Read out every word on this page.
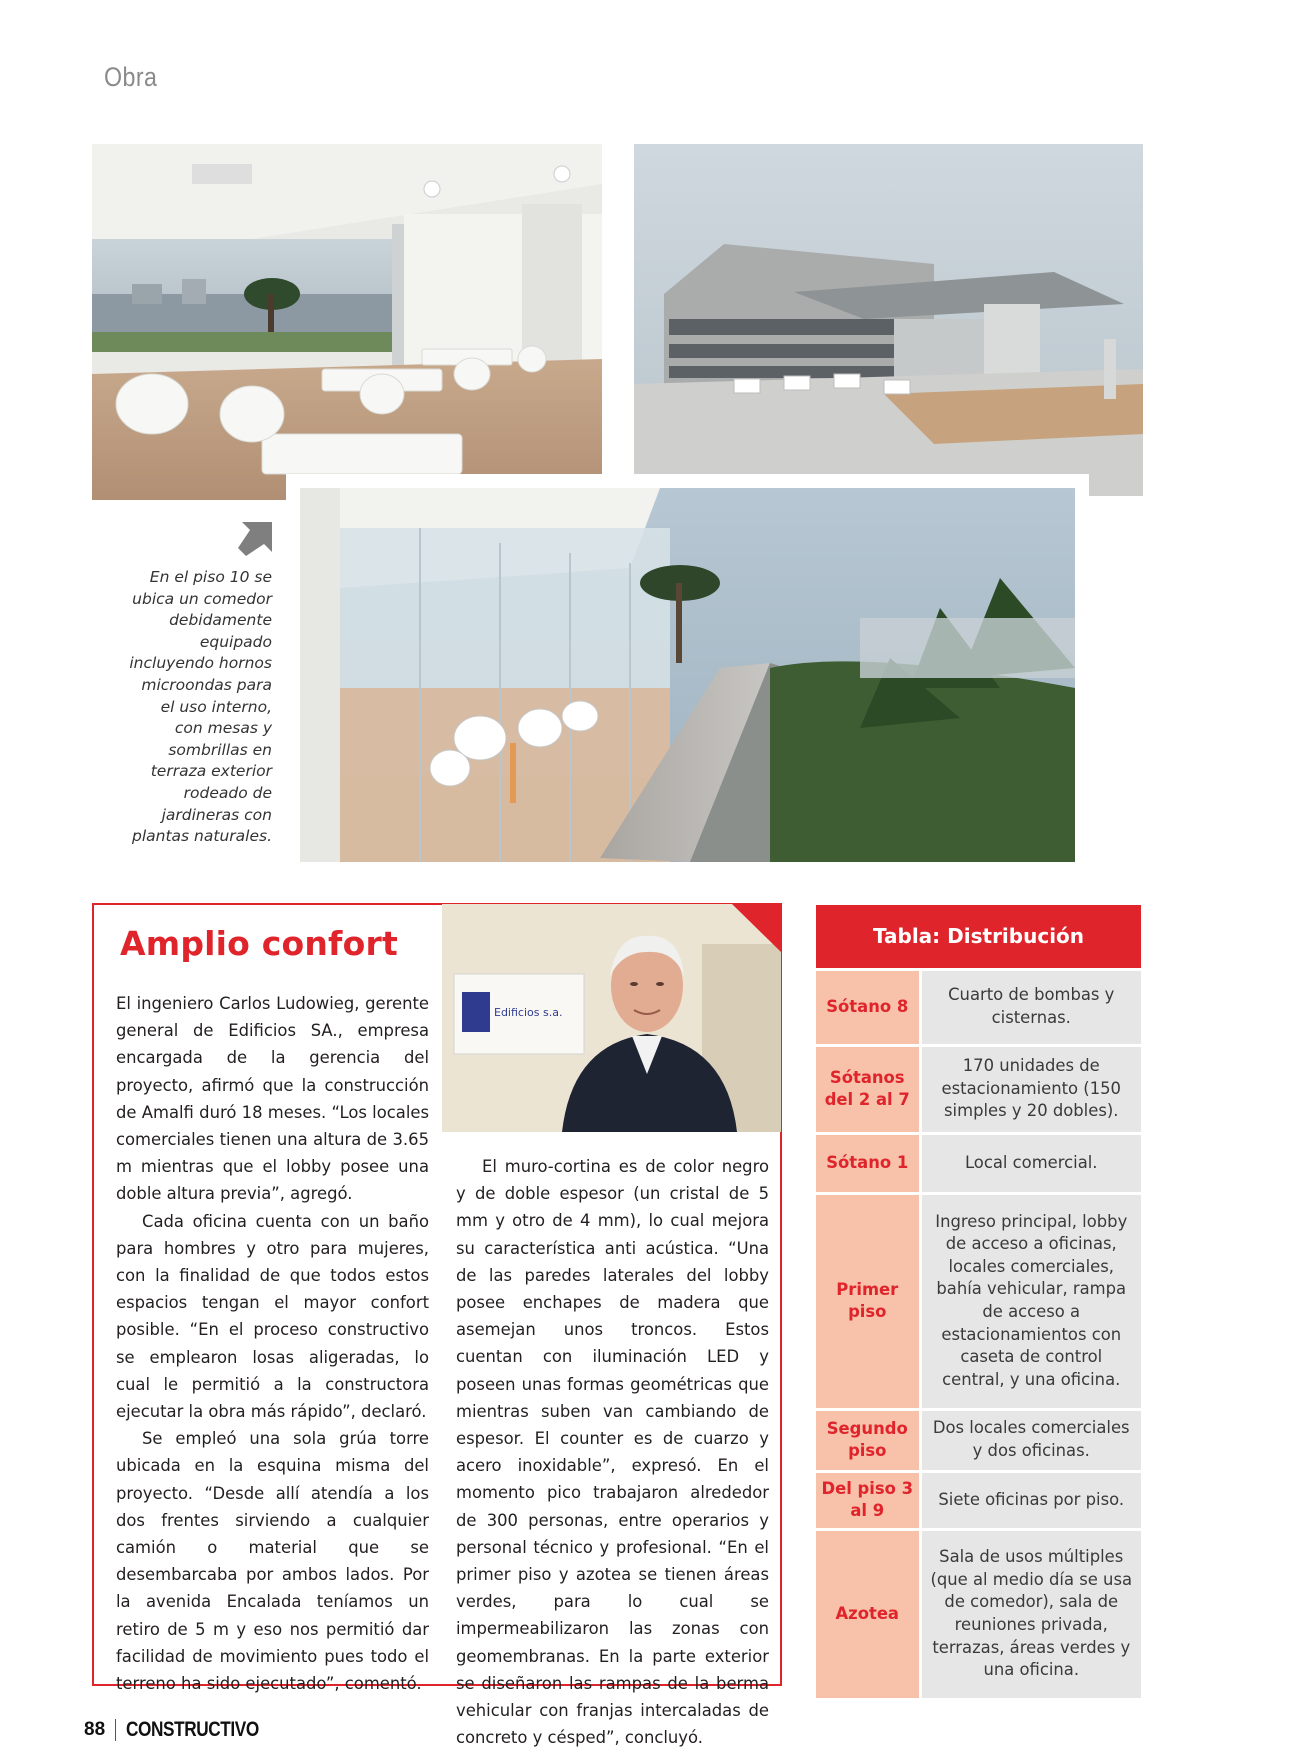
Obra
En el piso 10 se
ubica un comedor
debidamente
equipado
incluyendo hornos
microondas para
el uso interno,
con mesas y
sombrillas en
terraza exterior
rodeado de
jardineras con
plantas naturales.
Amplio confort
Edificios s.a.

El ingeniero Carlos Ludowieg, gerente general de Edificios SA., empresa encargada de la gerencia del proyecto, afirmó que la construcción de Amalfi duró 18 meses. “Los locales comerciales tienen una altura de 3.65 m mientras que el lobby posee una doble altura previa”, agregó.

Cada oficina cuenta con un baño para hombres y otro para mujeres, con la finalidad de que todos estos espacios tengan el mayor confort posible. “En el proceso constructivo se emplearon losas aligeradas, lo cual le permitió a la constructora ejecutar la obra más rápido”, declaró.

Se empleó una sola grúa torre ubicada en la esquina misma del proyecto. “Desde allí atendía a los dos frentes sirviendo a cualquier camión o material que se desembarcaba por ambos lados. Por la avenida Encalada teníamos un retiro de 5 m y eso nos permitió dar facilidad de movimiento pues todo el terreno ha sido ejecutado”, comentó.

El muro-cortina es de color negro y de doble espesor (un cristal de 5 mm y otro de 4 mm), lo cual mejora su característica anti acústica. “Una de las paredes laterales del lobby posee enchapes de madera que asemejan unos troncos. Estos cuentan con iluminación LED y poseen unas formas geométricas que mientras suben van cambiando de espesor. El counter es de cuarzo y acero inoxidable”, expresó. En el momento pico trabajaron alrededor de 300 personas, entre operarios y personal técnico y profesional. “En el primer piso y azotea se tienen áreas verdes, para lo cual se impermeabilizaron las zonas con geomembranas. En la parte exterior se diseñaron las rampas de la berma vehicular con franjas intercaladas de concreto y césped”, concluyó.

Tabla: Distribución	
Sótano 8	Cuarto de bombas y cisternas.
Sótanos del 2 al 7	170 unidades de estacionamiento (150 simples y 20 dobles).
Sótano 1	Local comercial.
Primer piso	Ingreso principal, lobby de acceso a oficinas, locales comerciales, bahía vehicular, rampa de acceso a estacionamientos con caseta de control central, y una oficina.
Segundo piso	Dos locales comerciales y dos oficinas.
Del piso 3 al 9	Siete oficinas por piso.
Azotea	Sala de usos múltiples (que al medio día se usa de comedor), sala de reuniones privada, terrazas, áreas verdes y una oficina.
88 CONSTRUCTIVO
